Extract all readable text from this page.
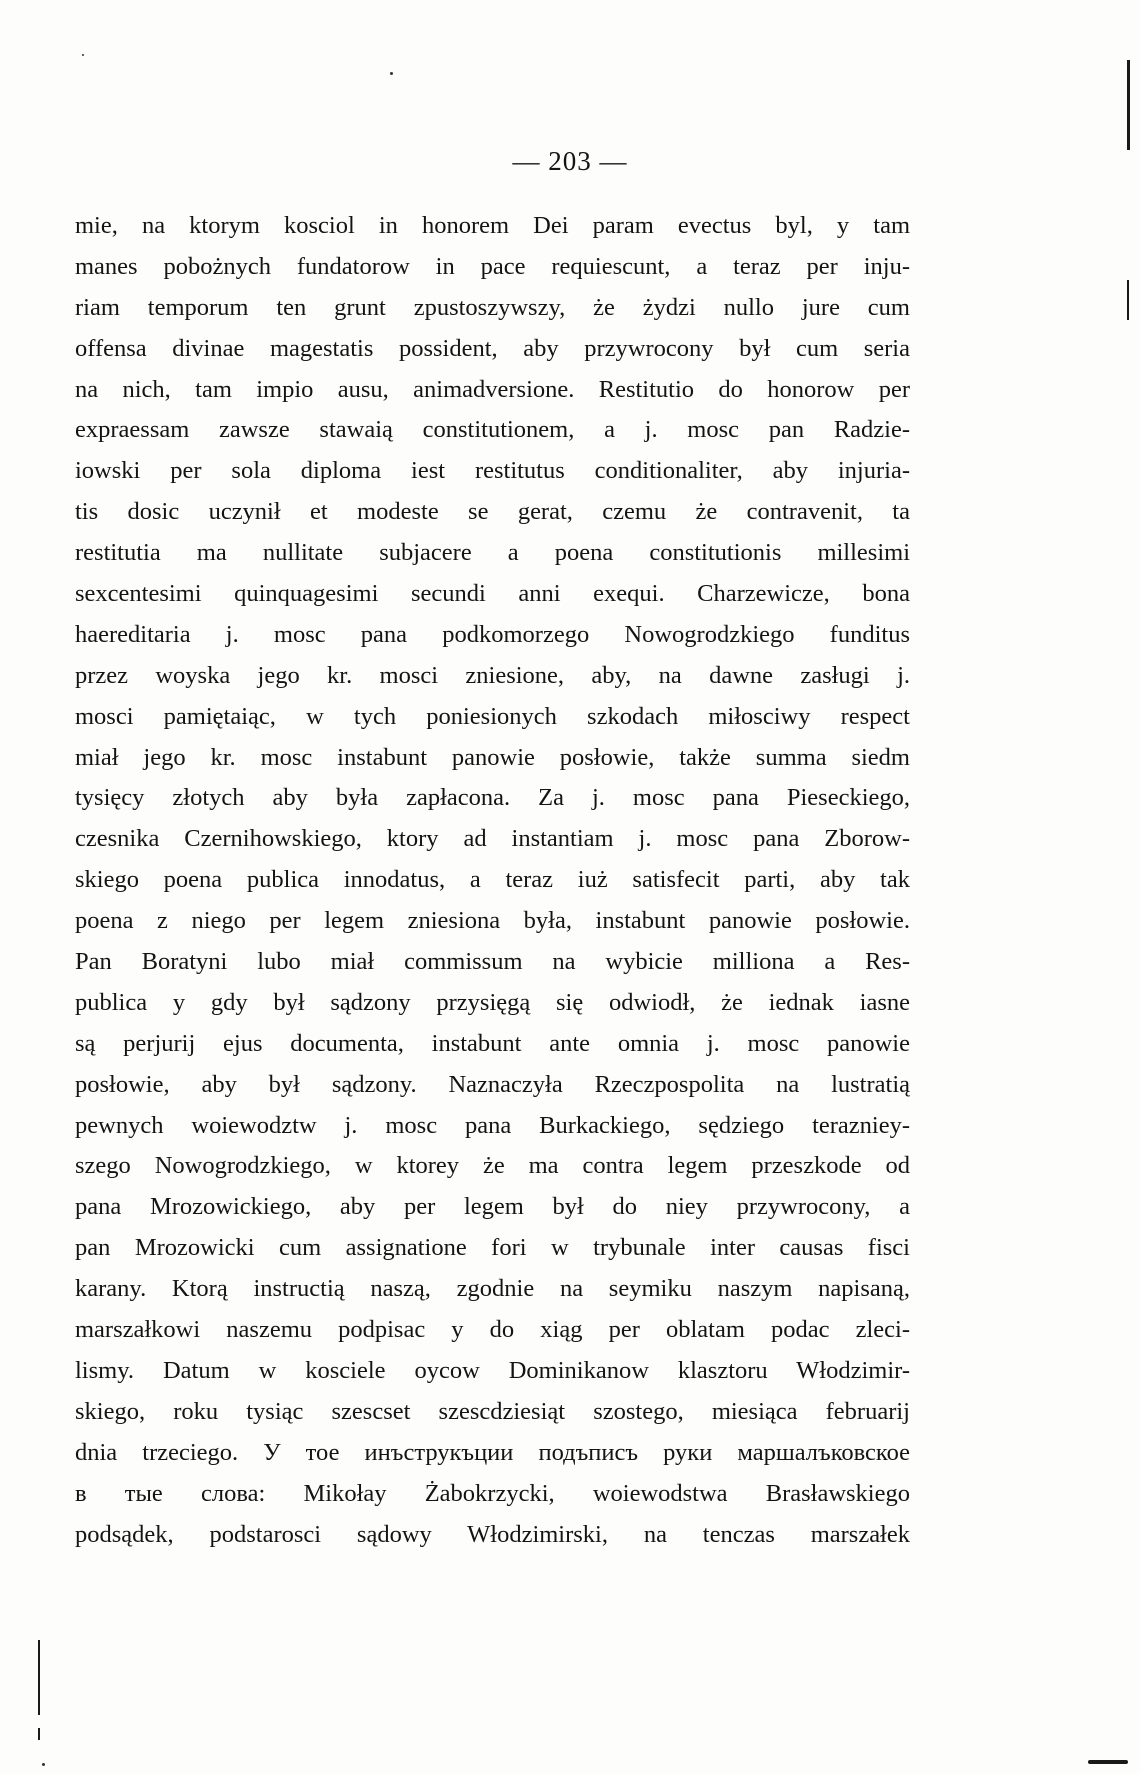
— 203 —
mie, na ktorym kosciol in honorem Dei param evectus byl, y tam
manes pobożnych fundatorow in pace requiescunt, a teraz per inju-
riam temporum ten grunt zpustoszywszy, że żydzi nullo jure cum
offensa divinae magestatis possident, aby przywrocony był cum seria
na nich, tam impio ausu, animadversione. Restitutio do honorow per
expraessam zawsze stawaią constitutionem, a j. mosc pan Radzie-
iowski per sola diploma iest restitutus conditionaliter, aby injuria-
tis dosic uczynił et modeste se gerat, czemu że contravenit, ta
restitutia ma nullitate subjacere a poena constitutionis millesimi
sexcentesimi quinquagesimi secundi anni exequi. Charzewicze, bona
haereditaria j. mosc pana podkomorzego Nowogrodzkiego funditus
przez woyska jego kr. mosci zniesione, aby, na dawne zasługi j.
mosci pamiętaiąc, w tych poniesionych szkodach miłosciwy respect
miał jego kr. mosc instabunt panowie posłowie, także summa siedm
tysięcy złotych aby była zapłacona. Za j. mosc pana Pieseckiego,
czesnika Czernihowskiego, ktory ad instantiam j. mosc pana Zborow-
skiego poena publica innodatus, a teraz iuż satisfecit parti, aby tak
poena z niego per legem zniesiona była, instabunt panowie posłowie.
Pan Boratyni lubo miał commissum na wybicie milliona a Res-
publica y gdy był sądzony przysięgą się odwiodł, że iednak iasne
są perjurij ejus documenta, instabunt ante omnia j. mosc panowie
posłowie, aby był sądzony. Naznaczyła Rzeczpospolita na lustratią
pewnych woiewodztw j. mosc pana Burkackiego, sędziego terazniey-
szego Nowogrodzkiego, w ktorey że ma contra legem przeszkode od
pana Mrozowickiego, aby per legem był do niey przywrocony, a
pan Mrozowicki cum assignatione fori w trybunale inter causas fisci
karany. Ktorą instructią naszą, zgodnie na seymiku naszym napisaną,
marszałkowi naszemu podpisac y do xiąg per oblatam podac zleci-
lismy. Datum w kosciele oycow Dominikanow klasztoru Włodzimir-
skiego, roku tysiąc szescset szescdziesiąt szostego, miesiąca februarij
dnia trzeciego. У тое инъструкъции подъписъ руки маршалъковское
в тые слова: Mikołay Żabokrzycki, woiewodstwa Brasławskiego
podsądek, podstarosci sądowy Włodzimirski, na tenczas marszałek
